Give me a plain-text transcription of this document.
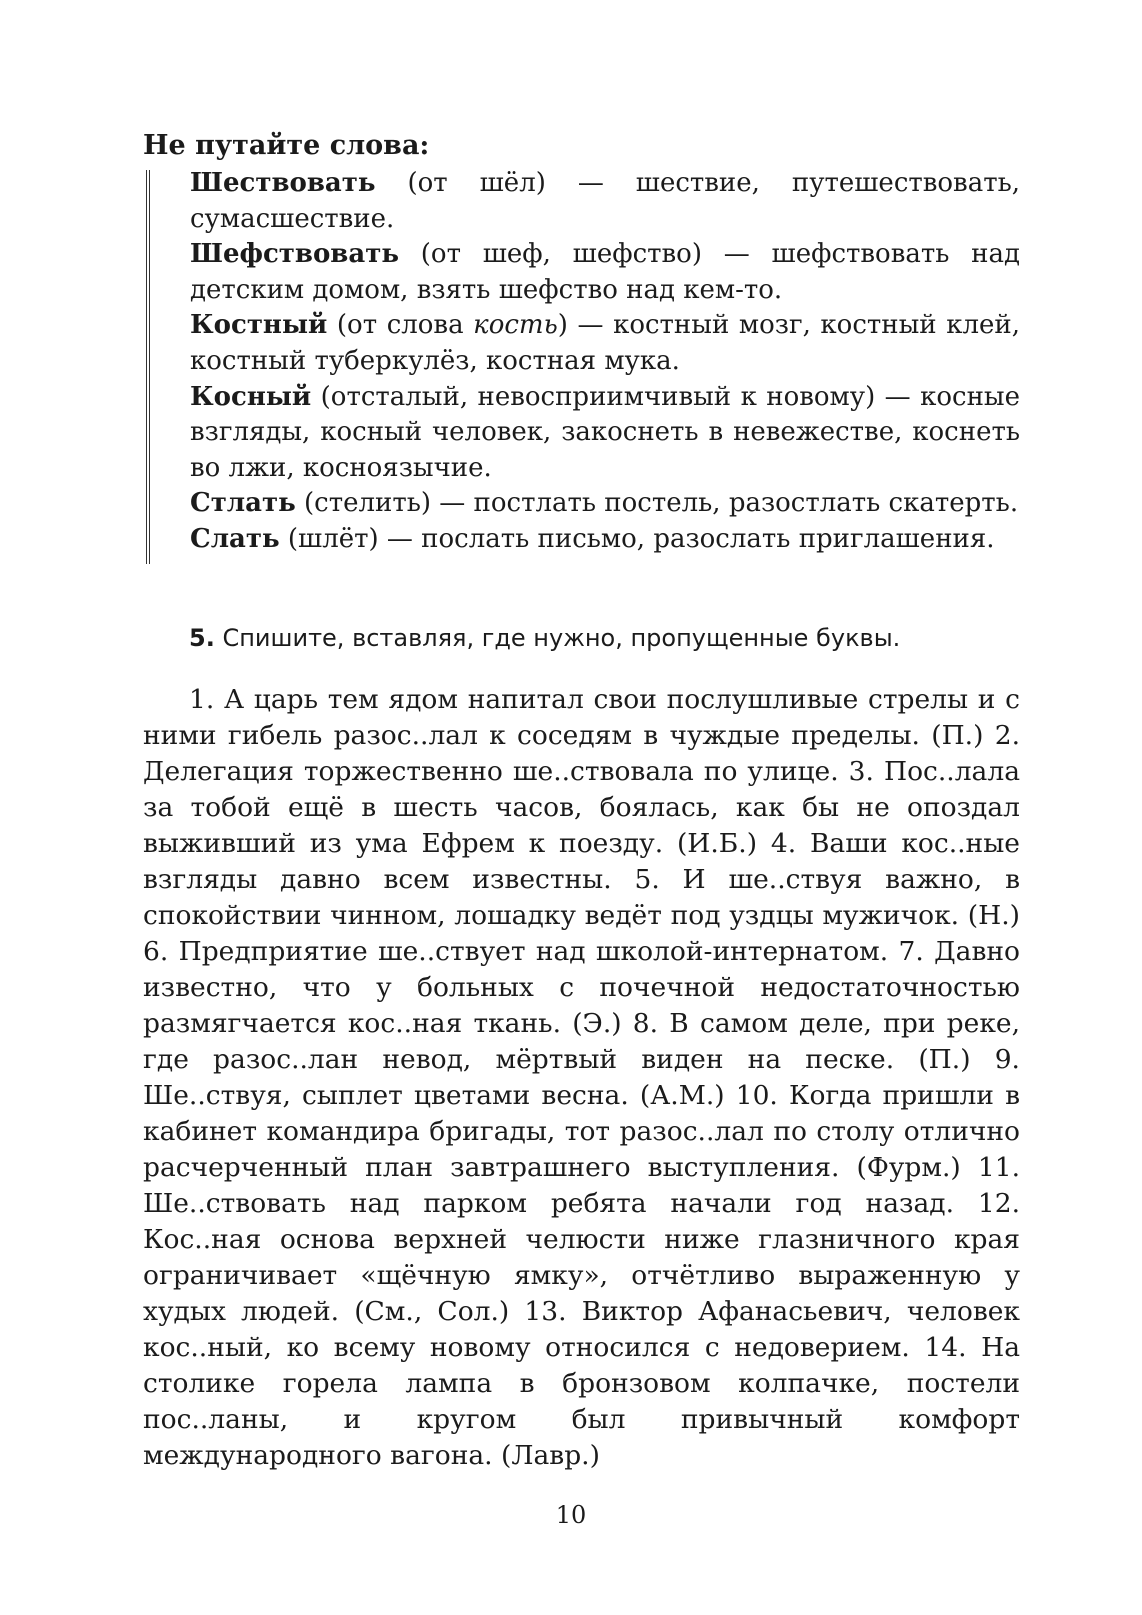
Не путайте слова:

Шествовать (от шёл) — шествие, путешествовать, сумасшествие.

Шефствовать (от шеф, шефство) — шефствовать над детским домом, взять шефство над кем-то.

Костный (от слова кость) — костный мозг, костный клей, костный туберкулёз, костная мука.

Косный (отсталый, невосприимчивый к новому) — косные взгляды, косный человек, закоснеть в невежестве, коснеть во лжи, косноязычие.

Стлать (стелить) — постлать постель, разостлать скатерть.

Слать (шлёт) — послать письмо, разослать приглашения.

5. Спишите, вставляя, где нужно, пропущенные буквы.

1. А царь тем ядом напитал свои послушливые стрелы и с ними гибель разос..лал к соседям в чуждые пределы. (П.) 2. Делегация торжественно ше..ствовала по улице. 3. Пос..лала за тобой ещё в шесть часов, боялась, как бы не опоздал выживший из ума Ефрем к поезду. (И.Б.) 4. Ваши кос..ные взгляды давно всем известны. 5. И ше..ствуя важно, в спокойствии чинном, лошадку ведёт под уздцы мужичок. (Н.) 6. Предприятие ше..ствует над школой-интернатом. 7. Давно известно, что у больных с почечной недостаточностью размягчается кос..ная ткань. (Э.) 8. В самом деле, при реке, где разос..лан невод, мёртвый виден на песке. (П.) 9. Ше..ствуя, сыплет цветами весна. (А.М.) 10. Когда пришли в кабинет командира бригады, тот разос..лал по столу отлично расчерченный план завтрашнего выступления. (Фурм.) 11. Ше..ствовать над парком ребята начали год назад. 12. Кос..ная основа верхней челюсти ниже глазничного края ограничивает «щёчную ямку», отчётливо выраженную у худых людей. (См., Сол.) 13. Виктор Афанасьевич, человек кос..ный, ко всему новому относился с недоверием. 14. На столике горела лампа в бронзовом колпачке, постели пос..ланы, и кругом был привычный комфорт международного вагона. (Лавр.)

10
